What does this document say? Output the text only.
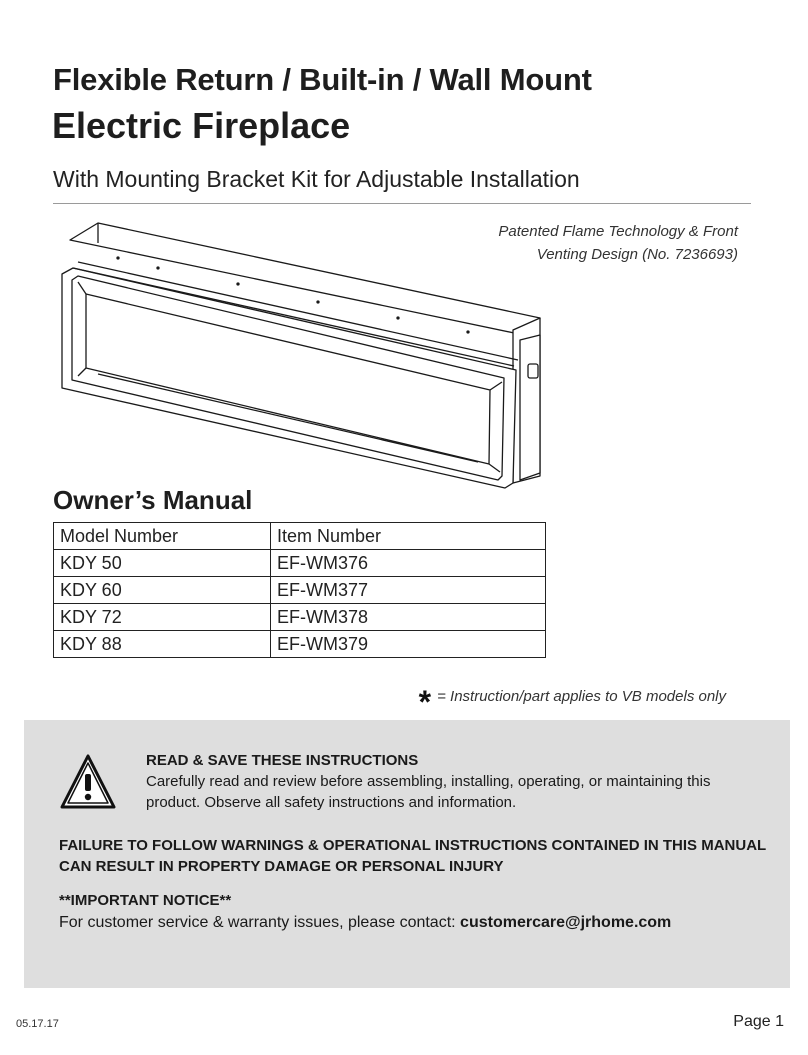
Flexible Return / Built-in / Wall Mount
Electric Fireplace
With Mounting Bracket Kit for Adjustable Installation
Patented Flame Technology & Front
Venting Design (No. 7236693)
Owner’s Manual
Model Number	Item Number
KDY 50	EF-WM376
KDY 60	EF-WM377
KDY 72	EF-WM378
KDY 88	EF-WM379
* = Instruction/part applies to VB models only
READ & SAVE THESE INSTRUCTIONS
Carefully read and review before assembling, installing, operating, or maintaining this product. Observe all safety instructions and information.
FAILURE TO FOLLOW WARNINGS & OPERATIONAL INSTRUCTIONS CONTAINED IN THIS MANUAL CAN RESULT IN PROPERTY DAMAGE OR PERSONAL INJURY
**IMPORTANT NOTICE**
For customer service & warranty issues, please contact: customercare@jrhome.com
05.17.17	Page 1
